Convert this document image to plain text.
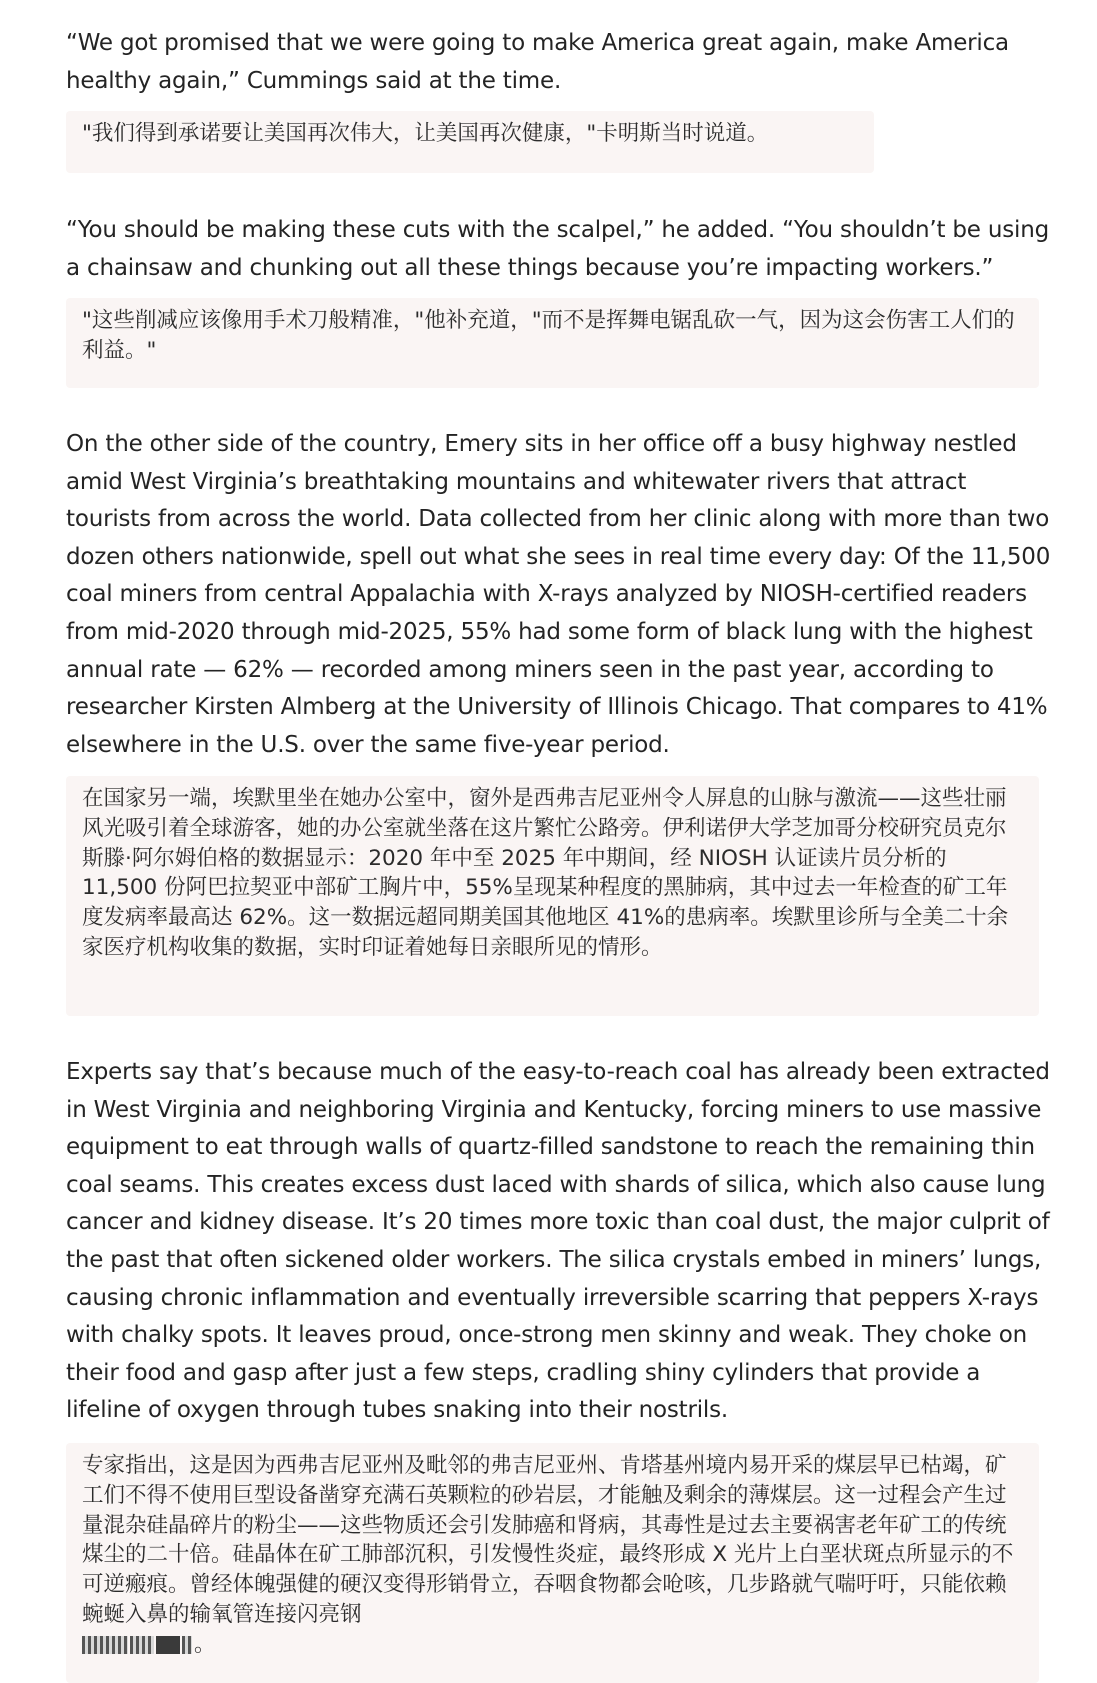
“We got promised that we were going to make America great again, make America healthy again,” Cummings said at the time.

"我们得到承诺要让美国再次伟大，让美国再次健康，"卡明斯当时说道。

“You should be making these cuts with the scalpel,” he added. “You shouldn’t be using a chainsaw and chunking out all these things because you’re impacting workers.”

"这些削减应该像用手术刀般精准，"他补充道，"而不是挥舞电锯乱砍一气，因为这会伤害工人们的利益。"

On the other side of the country, Emery sits in her office off a busy highway nestled amid West Virginia’s breathtaking mountains and whitewater rivers that attract tourists from across the world. Data collected from her clinic along with more than two dozen others nationwide, spell out what she sees in real time every day: Of the 11,500 coal miners from central Appalachia with X-rays analyzed by NIOSH-certified readers from mid-2020 through mid-2025, 55% had some form of black lung with the highest annual rate — 62% — recorded among miners seen in the past year, according to researcher Kirsten Almberg at the University of Illinois Chicago. That compares to 41% elsewhere in the U.S. over the same five-year period.

在国家另一端，埃默里坐在她办公室中，窗外是西弗吉尼亚州令人屏息的山脉与激流——这些壮丽风光吸引着全球游客，她的办公室就坐落在这片繁忙公路旁。伊利诺伊大学芝加哥分校研究员克尔斯滕·阿尔姆伯格的数据显示：2020 年中至 2025 年中期间，经 NIOSH 认证读片员分析的 11,500 份阿巴拉契亚中部矿工胸片中，55%呈现某种程度的黑肺病，其中过去一年检查的矿工年度发病率最高达 62%。这一数据远超同期美国其他地区 41%的患病率。埃默里诊所与全美二十余家医疗机构收集的数据，实时印证着她每日亲眼所见的情形。

Experts say that’s because much of the easy-to-reach coal has already been extracted in West Virginia and neighboring Virginia and Kentucky, forcing miners to use massive equipment to eat through walls of quartz-filled sandstone to reach the remaining thin coal seams. This creates excess dust laced with shards of silica, which also cause lung cancer and kidney disease. It’s 20 times more toxic than coal dust, the major culprit of the past that often sickened older workers. The silica crystals embed in miners’ lungs, causing chronic inflammation and eventually irreversible scarring that peppers X-rays with chalky spots. It leaves proud, once-strong men skinny and weak. They choke on their food and gasp after just a few steps, cradling shiny cylinders that provide a lifeline of oxygen through tubes snaking into their nostrils.

专家指出，这是因为西弗吉尼亚州及毗邻的弗吉尼亚州、肯塔基州境内易开采的煤层早已枯竭，矿工们不得不使用巨型设备凿穿充满石英颗粒的砂岩层，才能触及剩余的薄煤层。这一过程会产生过量混杂硅晶碎片的粉尘——这些物质还会引发肺癌和肾病，其毒性是过去主要祸害老年矿工的传统煤尘的二十倍。硅晶体在矿工肺部沉积，引发慢性炎症，最终形成 X 光片上白垩状斑点所显示的不可逆瘢痕。曾经体魄强健的硬汉变得形销骨立，吞咽食物都会呛咳，几步路就气喘吁吁，只能依赖蜿蜒入鼻的输氧管连接闪亮钢
。
